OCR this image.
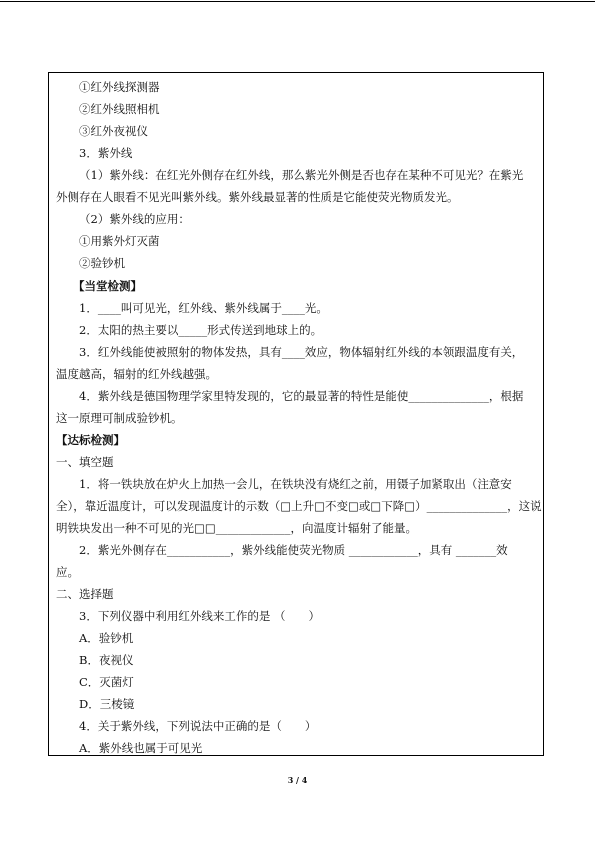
①红外线探测器
②红外线照相机
③红外夜视仪
3．紫外线
（1）紫外线：在红光外侧存在红外线，那么紫光外侧是否也存在某种不可见光？在紫光
外侧存在人眼看不见光叫紫外线。紫外线最显著的性质是它能使荧光物质发光。
（2）紫外线的应用：
①用紫外灯灭菌
②验钞机
【当堂检测】
1．____叫可见光，红外线、紫外线属于____光。
2．太阳的热主要以_____形式传送到地球上的。
3．红外线能使被照射的物体发热，具有____效应，物体辐射红外线的本领跟温度有关，
温度越高，辐射的红外线越强。
4．紫外线是德国物理学家里特发现的，它的最显著的特性是能使______________，根据
这一原理可制成验钞机。
【达标检测】
一、填空题
1．将一铁块放在炉火上加热一会儿，在铁块没有烧红之前，用镊子加紧取出（注意安
全），靠近温度计，可以发现温度计的示数（□上升□不变□或□下降□）______________，这说
明铁块发出一种不可见的光□□_____________，向温度计辐射了能量。
2．紫光外侧存在___________，紫外线能使荧光物质 ____________，具有 _______效
应。
二、选择题
3．下列仪器中利用红外线来工作的是 （　　）
A．验钞机
B．夜视仪
C．灭菌灯
D．三棱镜
4．关于紫外线，下列说法中正确的是（　　）
A．紫外线也属于可见光
3 / 4
